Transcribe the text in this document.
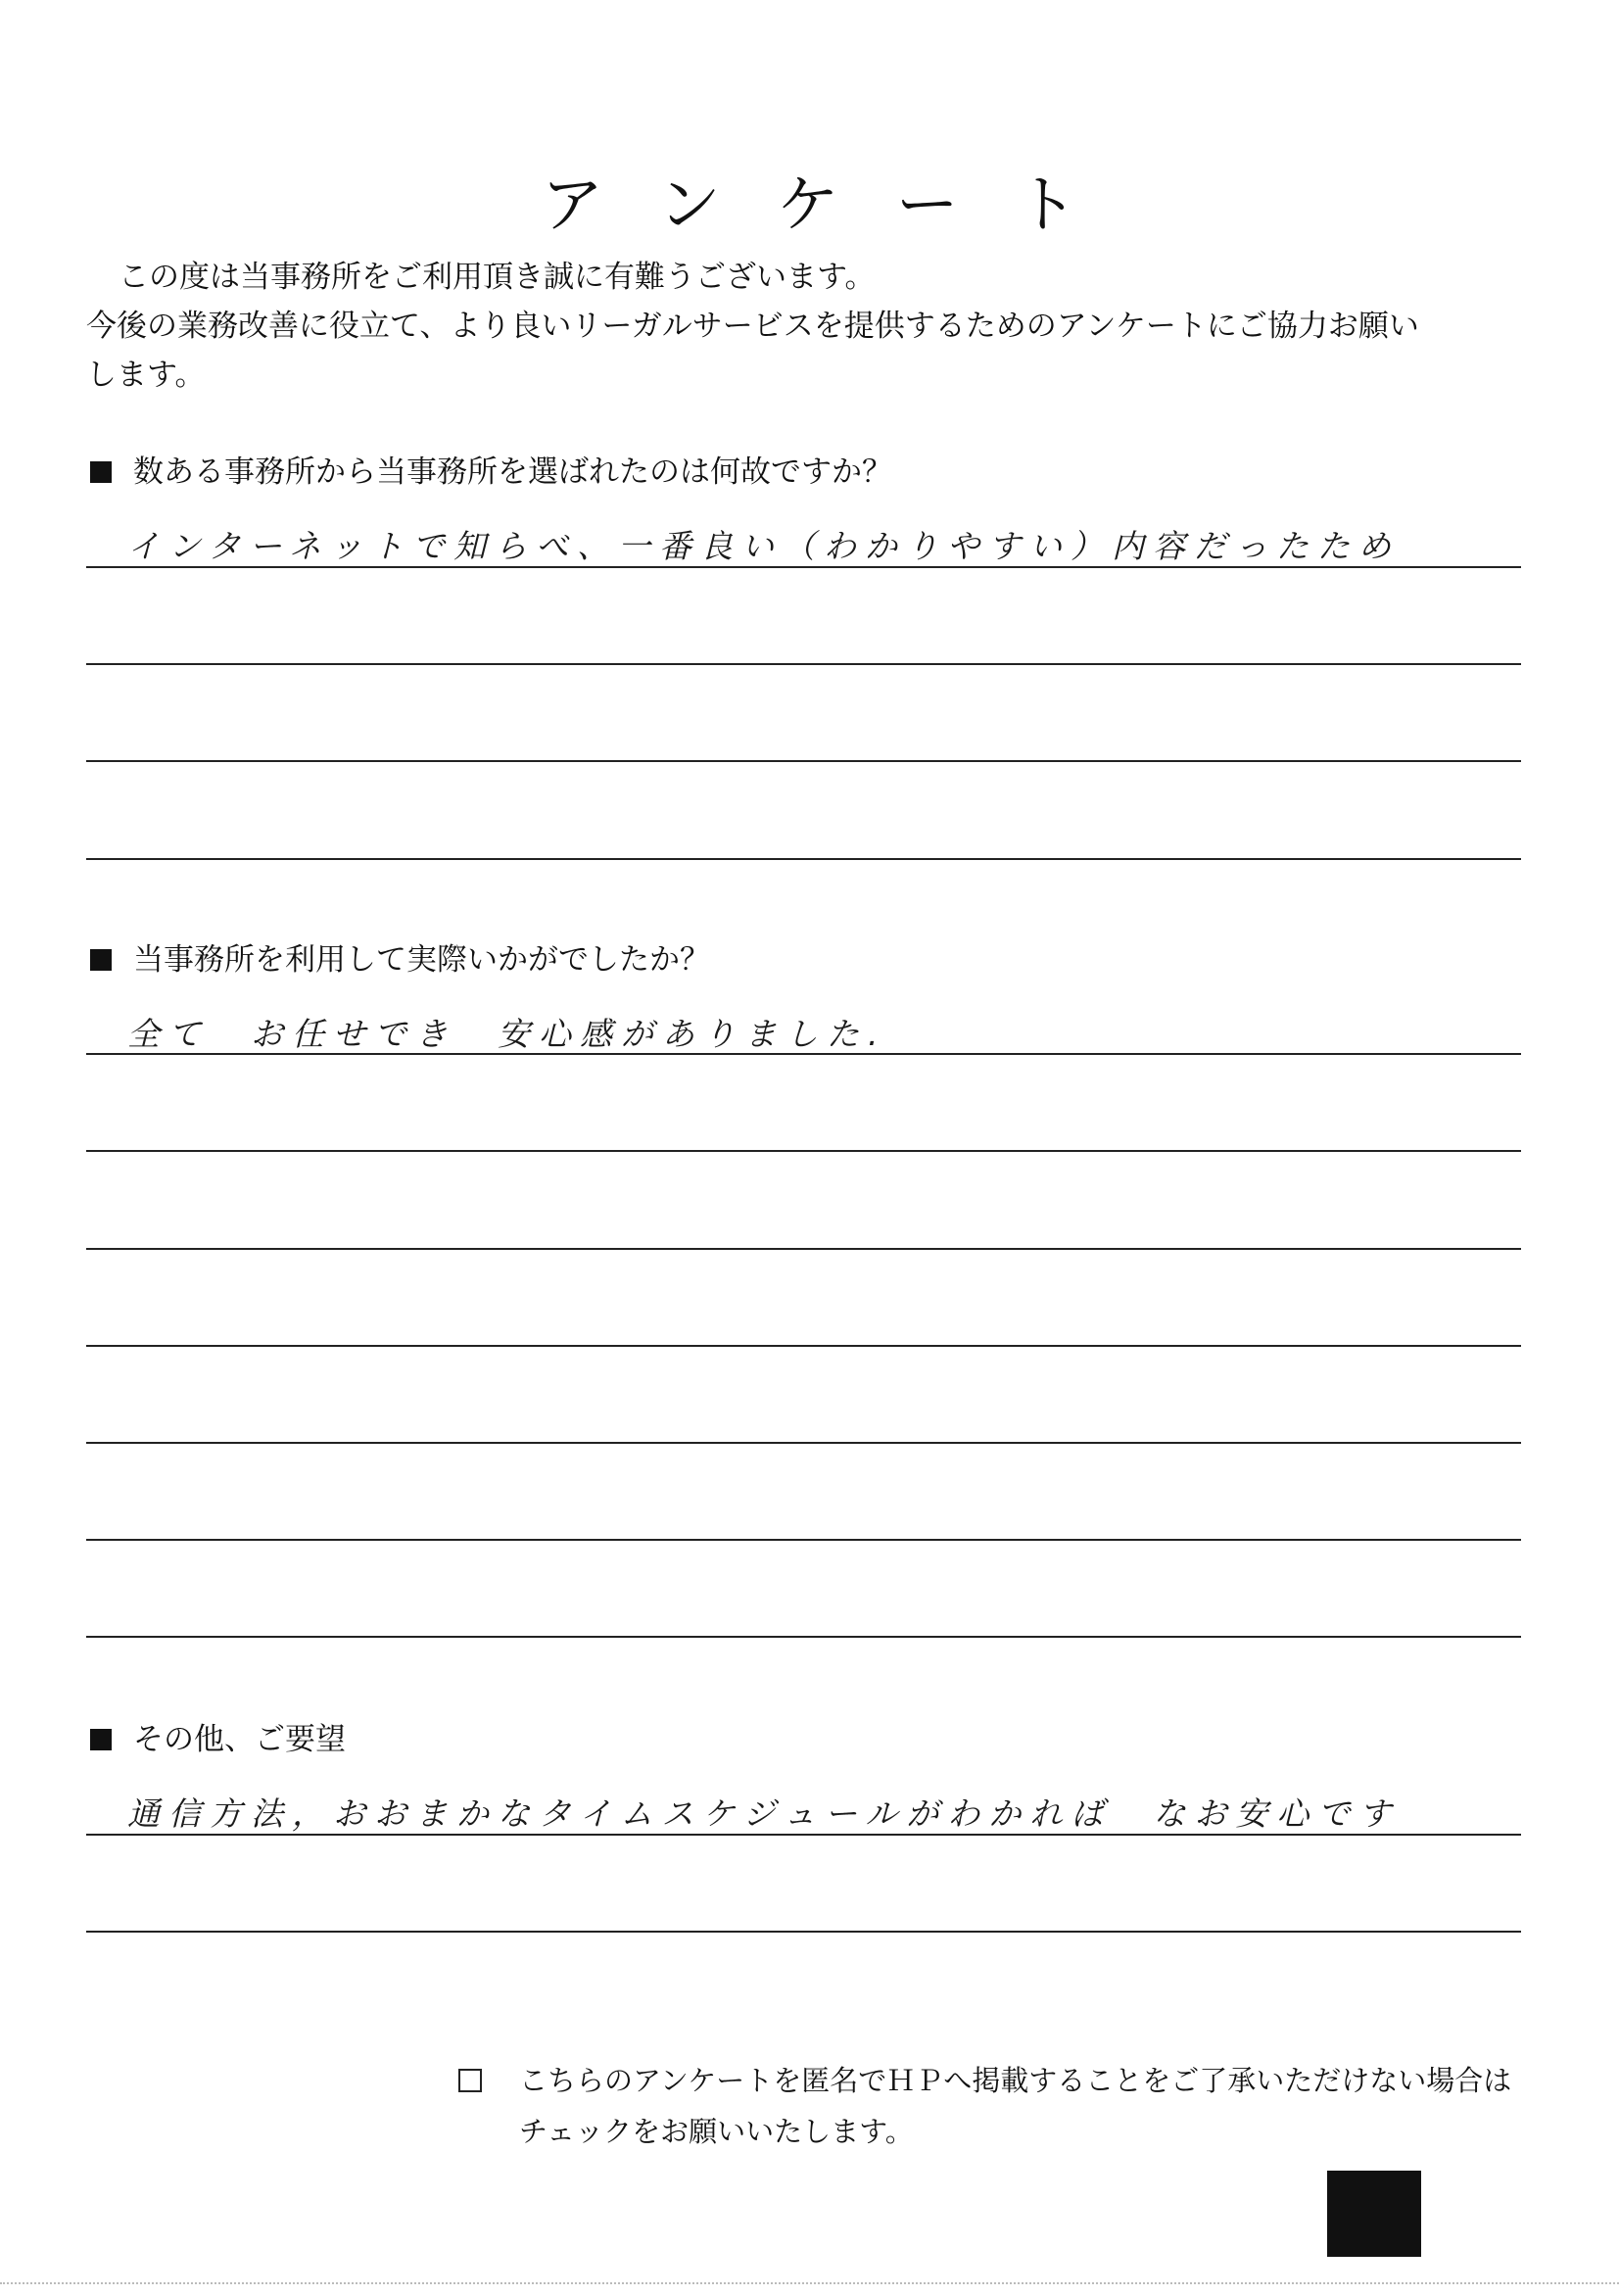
アンケート

この度は当事務所をご利用頂き誠に有難うございます。

今後の業務改善に役立て、より良いリーガルサービスを提供するためのアンケートにご協力お願い

します。

数ある事務所から当事務所を選ばれたのは何故ですか？
インターネットで知らべ、一番良い（わかりやすい）内容だったため
当事務所を利用して実際いかがでしたか？
全て　お任せでき　安心感がありました.
その他、ご要望
通信方法，おおまかなタイムスケジュールがわかれば　なお安心です
こちらのアンケートを匿名でＨＰへ掲載することをご了承いただけない場合は
チェックをお願いいたします。
